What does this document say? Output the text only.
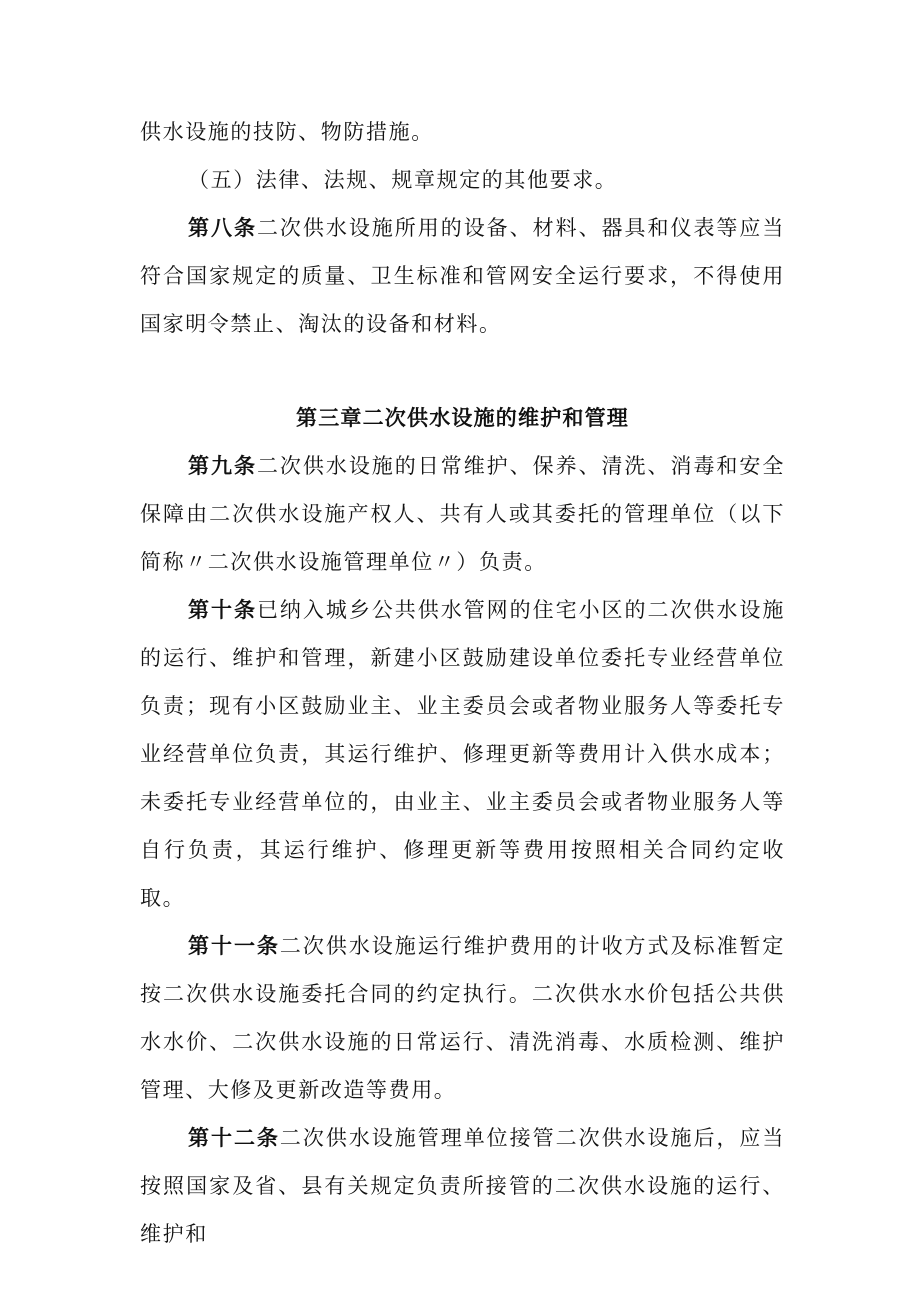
供水设施的技防、物防措施。

（五）法律、法规、规章规定的其他要求。

第八条二次供水设施所用的设备、材料、器具和仪表等应当符合国家规定的质量、卫生标准和管网安全运行要求，不得使用国家明令禁止、淘汰的设备和材料。

第三章二次供水设施的维护和管理

第九条二次供水设施的日常维护、保养、清洗、消毒和安全保障由二次供水设施产权人、共有人或其委托的管理单位（以下简称〃二次供水设施管理单位〃）负责。

第十条已纳入城乡公共供水管网的住宅小区的二次供水设施的运行、维护和管理，新建小区鼓励建设单位委托专业经营单位负责；现有小区鼓励业主、业主委员会或者物业服务人等委托专业经营单位负责，其运行维护、修理更新等费用计入供水成本；未委托专业经营单位的，由业主、业主委员会或者物业服务人等自行负责，其运行维护、修理更新等费用按照相关合同约定收取。

第十一条二次供水设施运行维护费用的计收方式及标准暂定按二次供水设施委托合同的约定执行。二次供水水价包括公共供水水价、二次供水设施的日常运行、清洗消毒、水质检测、维护管理、大修及更新改造等费用。

第十二条二次供水设施管理单位接管二次供水设施后，应当按照国家及省、县有关规定负责所接管的二次供水设施的运行、维护和
